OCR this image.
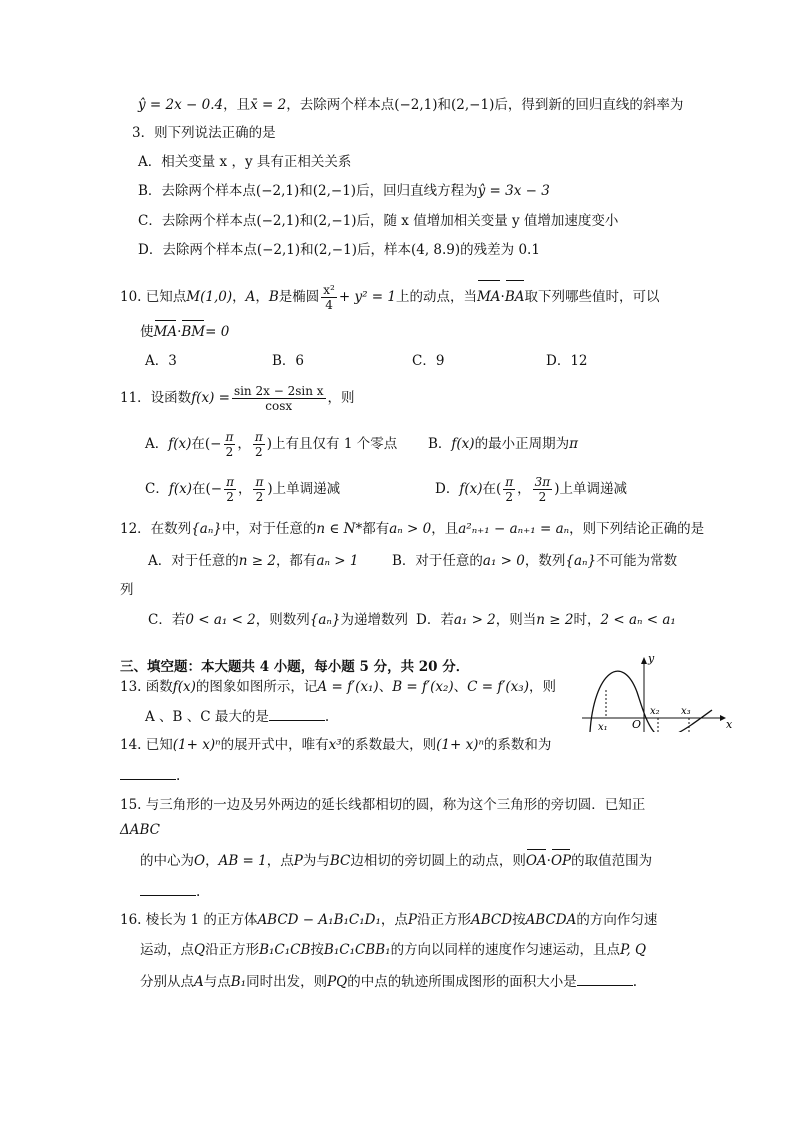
ŷ = 2x − 0.4，且x̄ = 2，去除两个样本点(−2,1)和(2,−1)后，得到新的回归直线的斜率为
3．则下列说法正确的是
A．相关变量 x ，y 具有正相关关系
B．去除两个样本点(−2,1)和(2,−1)后，回归直线方程为ŷ = 3x − 3
C．去除两个样本点(−2,1)和(2,−1)后，随 x 值增加相关变量 y 值增加速度变小
D．去除两个样本点(−2,1)和(2,−1)后，样本(4, 8.9)的残差为 0.1
10. 已知点M(1,0)，A，B是椭圆 $\frac{\text{x²}}{4} + y^2 = 1$上的动点，当MA·BA取下列哪些值时，可以
使MA·BM= 0
A．3	B．6	C．9	D．12
11．设函数$f(x) = \frac{\text{sin 2x − 2sin x}}{\cos x}$ ，则
A．f(x)在(− $\frac{\pi}{2}$ ， $\frac{\pi}{2}$ )上有且仅有 1 个零点 B．f(x)的最小正周期为π
C．f(x)在(− $\frac{\pi}{2}$ ， $\frac{\pi}{2}$ )上单调递减	D．f(x)在( $\frac{\pi}{2}$ ， $\frac{3\pi}{2}$ )上单调递减
12．在数列{aₙ}中，对于任意的n ∈ N*都有aₙ > 0，且a²ₙ₊₁ − aₙ₊₁ = aₙ，则下列结论正确的是
A．对于任意的n ≥ 2，都有aₙ > 1 B．对于任意的a₁ > 0，数列{aₙ}不可能为常数
列
C．若0 < a₁ < 2，则数列{aₙ}为递增数列 D．若a₁ > 2，则当n ≥ 2时，2 < aₙ < a₁
三、填空题：本大题共 4 小题，每小题 5 分，共 20 分．
13. 函数f(x)的图象如图所示，记A = f′(x₁)、B = f′(x₂)、C = f′(x₃)，则
A 、B 、C 最大的是	.
y
x
O
x₁
x₂ x₃
14. 已知(1+ x)ⁿ的展开式中，唯有x³的系数最大，则(1+ x)ⁿ的系数和为
.
15. 与三角形的一边及另外两边的延长线都相切的圆，称为这个三角形的旁切圆．已知正
ΔABC
的中心为O，AB = 1，点P为与BC边相切的旁切圆上的动点，则OA·OP的取值范围为
.
16. 棱长为 1 的正方体ABCD − A₁B₁C₁D₁，点P沿正方形ABCD按ABCDA的方向作匀速
运动，点Q沿正方形B₁C₁CB按B₁C₁CBB₁的方向以同样的速度作匀速运动，且点P, Q
分别从点A与点B₁同时出发，则PQ的中点的轨迹所围成图形的面积大小是	.
